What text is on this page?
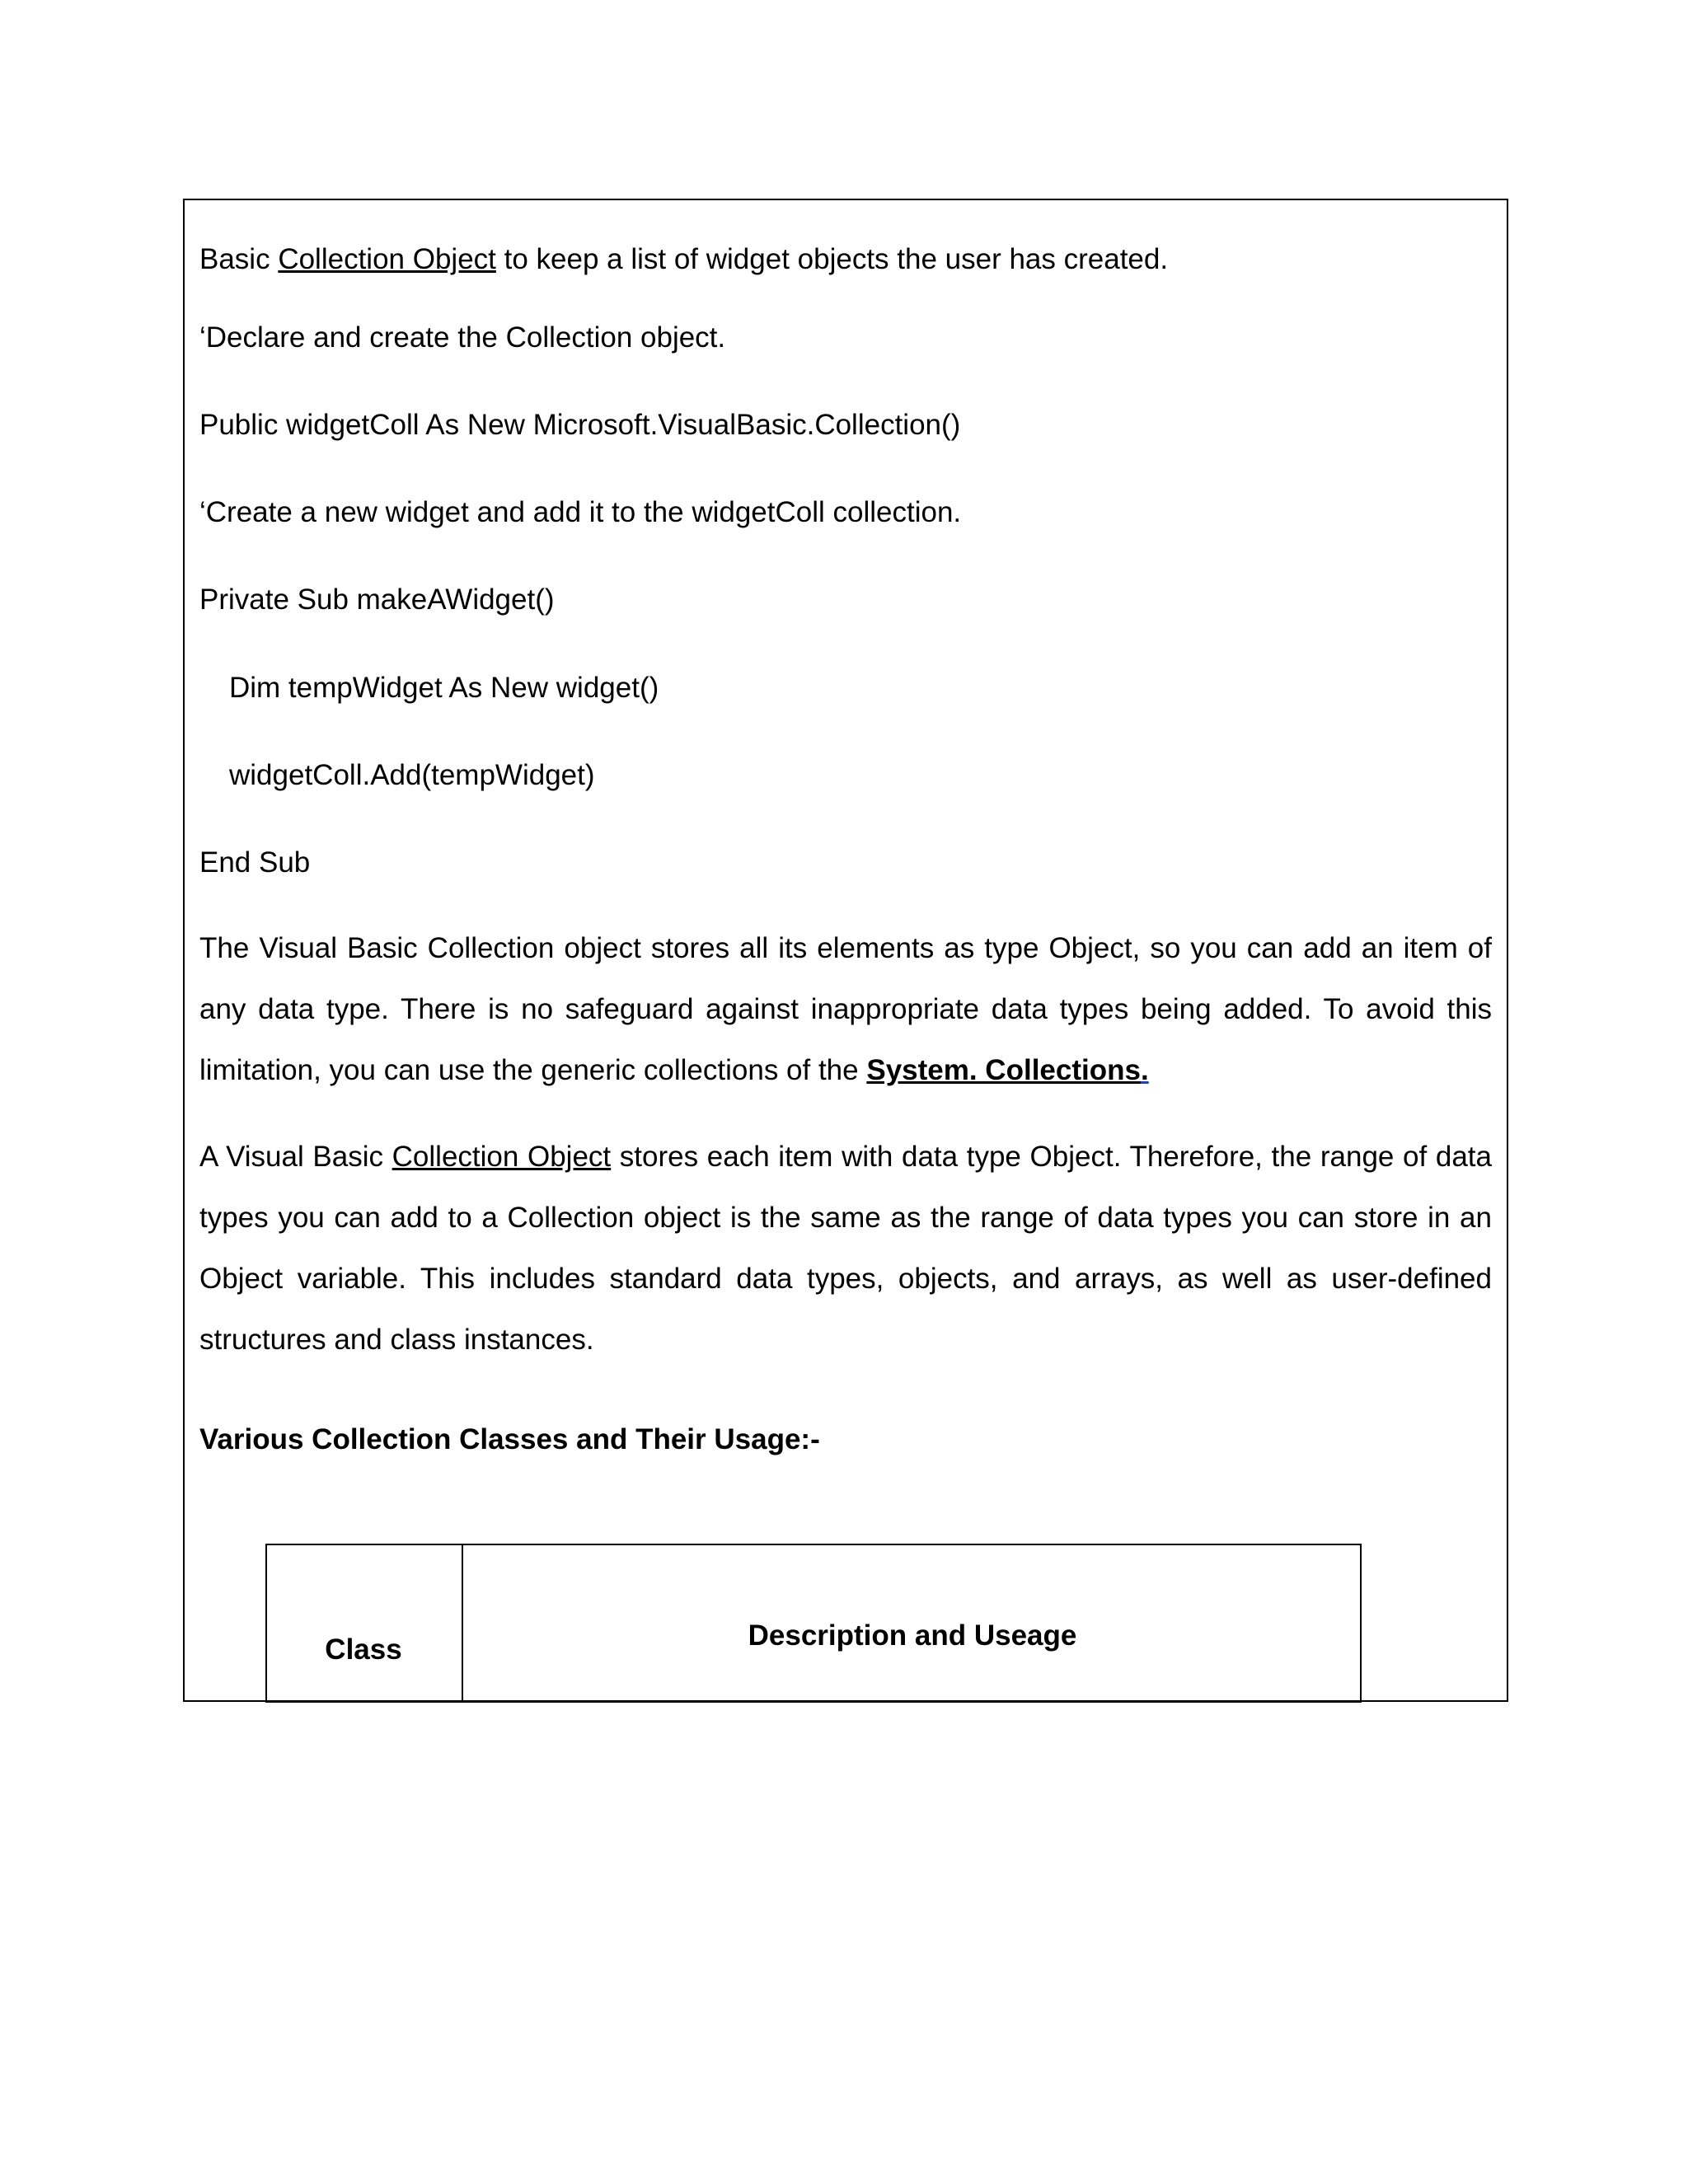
Basic Collection Object to keep a list of widget objects the user has created.

‘Declare and create the Collection object.

Public widgetColl As New Microsoft.VisualBasic.Collection()

‘Create a new widget and add it to the widgetColl collection.

Private Sub makeAWidget()

Dim tempWidget As New widget()

widgetColl.Add(tempWidget)

End Sub

The Visual Basic Collection object stores all its elements as type Object, so you can add an item of any data type. There is no safeguard against inappropriate data types being added. To avoid this limitation, you can use the generic collections of the System. Collections.

A Visual Basic Collection Object stores each item with data type Object. Therefore, the range of data types you can add to a Collection object is the same as the range of data types you can store in an Object variable. This includes standard data types, objects, and arrays, as well as user-defined structures and class instances.

Various Collection Classes and Their Usage:-

Class	Description and Useage
